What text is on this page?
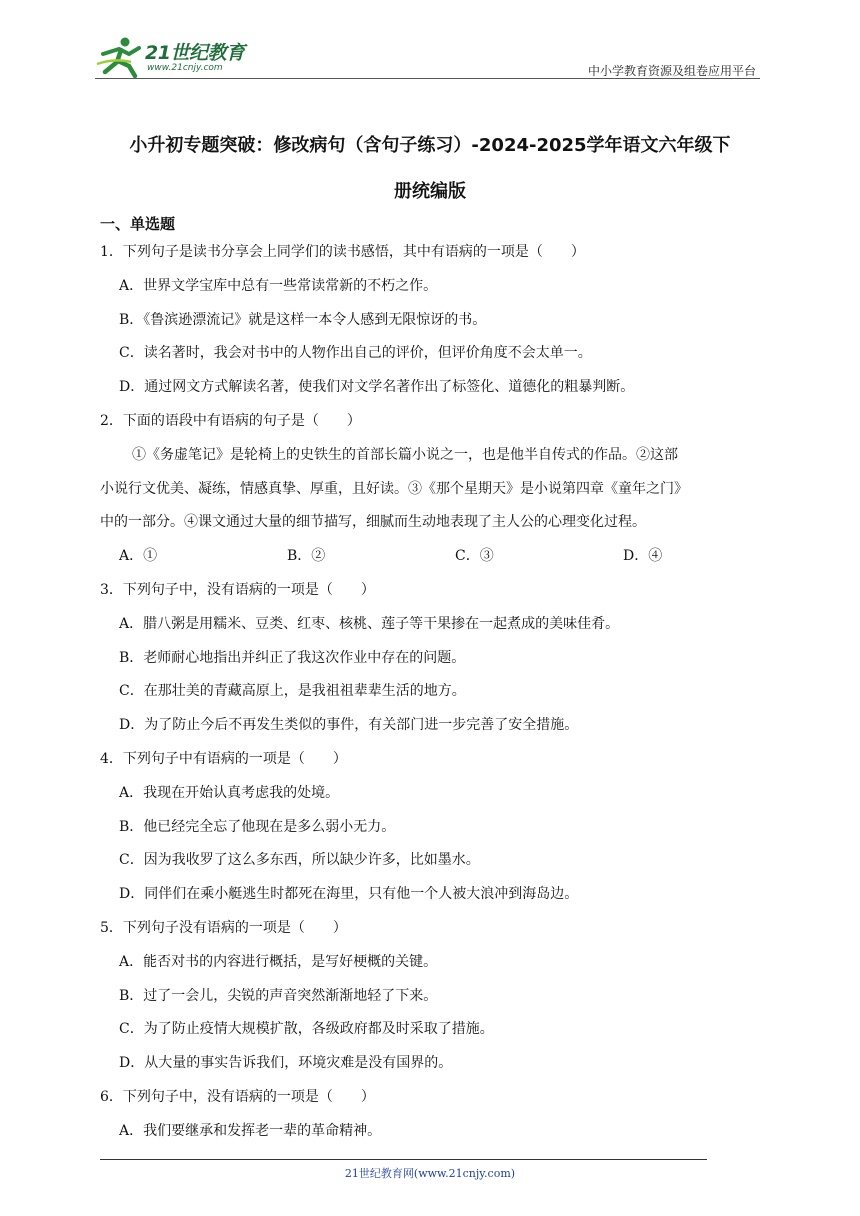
21世纪教育
www.21cnjy.com	中小学教育资源及组卷应用平台
小升初专题突破：修改病句（含句子练习）-2024-2025学年语文六年级下
册统编版
一、单选题
1．下列句子是读书分享会上同学们的读书感悟，其中有语病的一项是（　　）
A．世界文学宝库中总有一些常读常新的不朽之作。
B．《鲁滨逊漂流记》就是这样一本令人感到无限惊讶的书。
C．读名著时，我会对书中的人物作出自己的评价，但评价角度不会太单一。
D．通过网文方式解读名著，使我们对文学名著作出了标签化、道德化的粗暴判断。
2．下面的语段中有语病的句子是（　　）
①《务虚笔记》是轮椅上的史铁生的首部长篇小说之一，也是他半自传式的作品。②这部
小说行文优美、凝练，情感真挚、厚重，且好读。③《那个星期天》是小说第四章《童年之门》
中的一部分。④课文通过大量的细节描写，细腻而生动地表现了主人公的心理变化过程。
A．①	B．②	C．③	D．④
3．下列句子中，没有语病的一项是（　　）
A．腊八粥是用糯米、豆类、红枣、核桃、莲子等干果掺在一起煮成的美味佳肴。
B．老师耐心地指出并纠正了我这次作业中存在的问题。
C．在那壮美的青藏高原上，是我祖祖辈辈生活的地方。
D．为了防止今后不再发生类似的事件，有关部门进一步完善了安全措施。
4．下列句子中有语病的一项是（　　）
A．我现在开始认真考虑我的处境。
B．他已经完全忘了他现在是多么弱小无力。
C．因为我收罗了这么多东西，所以缺少许多，比如墨水。
D．同伴们在乘小艇逃生时都死在海里，只有他一个人被大浪冲到海岛边。
5．下列句子没有语病的一项是（　　）
A．能否对书的内容进行概括，是写好梗概的关键。
B．过了一会儿，尖锐的声音突然渐渐地轻了下来。
C．为了防止疫情大规模扩散，各级政府都及时采取了措施。
D．从大量的事实告诉我们，环境灾难是没有国界的。
6．下列句子中，没有语病的一项是（　　）
A．我们要继承和发挥老一辈的革命精神。
21世纪教育网(www.21cnjy.com)
